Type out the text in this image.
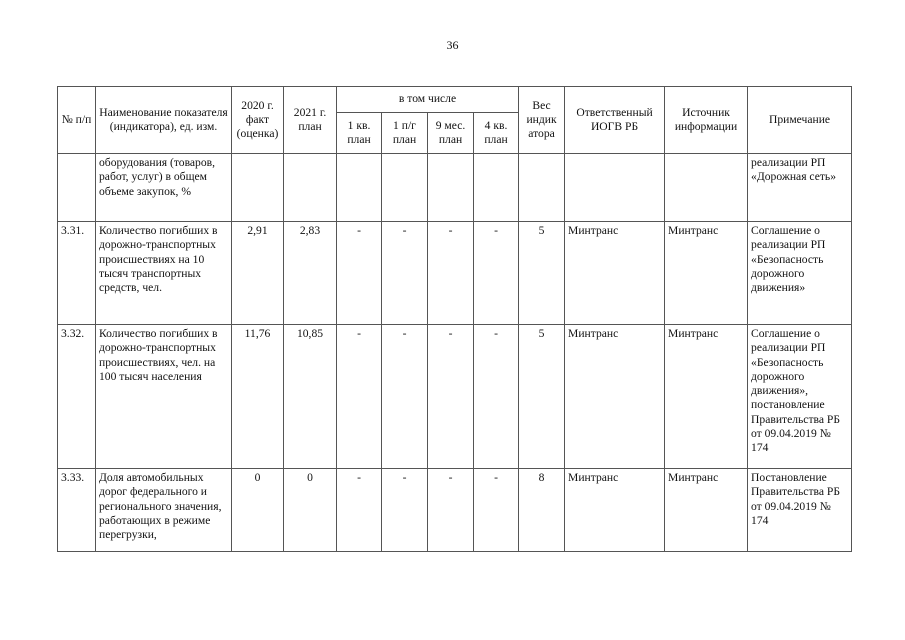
36
№ п/п	Наименование показателя (индикатора), ед. изм.	2020 г. факт (оценка)	2021 г. план	в том числе				Вес индик атора	Ответственный ИОГВ РБ	Источник информации	Примечание
				1 кв. план	1 п/г план	9 мес. план	4 кв. план				
	оборудования (товаров, работ, услуг) в общем объеме закупок, %										реализации РП «Дорожная сеть»
3.31.	Количество погибших в дорожно-транспортных происшествиях на 10 тысяч транспортных средств, чел.	2,91	2,83	-	-	-	-	5	Минтранс	Минтранс	Соглашение о реализации РП «Безопасность дорожного движения»
3.32.	Количество погибших в дорожно-транспортных происшествиях, чел. на 100 тысяч населения	11,76	10,85	-	-	-	-	5	Минтранс	Минтранс	Соглашение о реализации РП «Безопасность дорожного движения», постановление Правительства РБ от 09.04.2019 № 174
3.33.	Доля автомобильных дорог федерального и регионального значения, работающих в режиме перегрузки,	0	0	-	-	-	-	8	Минтранс	Минтранс	Постановление Правительства РБ от 09.04.2019 № 174
